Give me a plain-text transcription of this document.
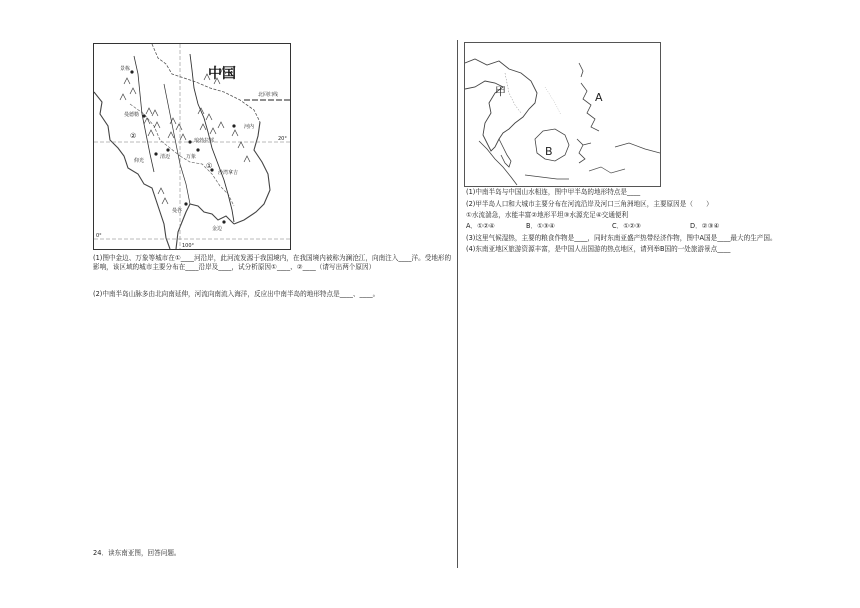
中国
景栋
曼德勒
仰光
清迈	万象
琅勃拉邦
河内
曼谷
金边
沙湾拿吉
①
②
北回归线
20°
100°
0°
甲	A
B
(1)图中金边、万象等城市在①____河沿岸，此河流发源于我国境内，在我国境内被称为澜沧江，向南注入____洋。受地形的影响，该区域的城市主要分布在____沿岸及____，试分析原因①____、②____（请写出两个原因）
(2)中南半岛山脉多由北向南延伸，河流向南流入海洋，反应出中南半岛的地形特点是____、____。
(1)中南半岛与中国山水相连，图中甲半岛的地形特点是____
(2)甲半岛人口和大城市主要分布在河流沿岸及河口三角洲地区，主要原因是（　　）
①水流湍急，水能丰富②地形平坦③水源充足④交通便利
A．①②④	B．①③④	C．①②③	D．②③④
(3)这里气候湿热，主要的粮食作物是____，同时东南亚盛产热带经济作物，图中A国是____最大的生产国。
(4)东南亚地区旅游资源丰富，是中国人出国游的热点地区，请列举B国的一处旅游景点____
24．读东南亚图，回答问题。
